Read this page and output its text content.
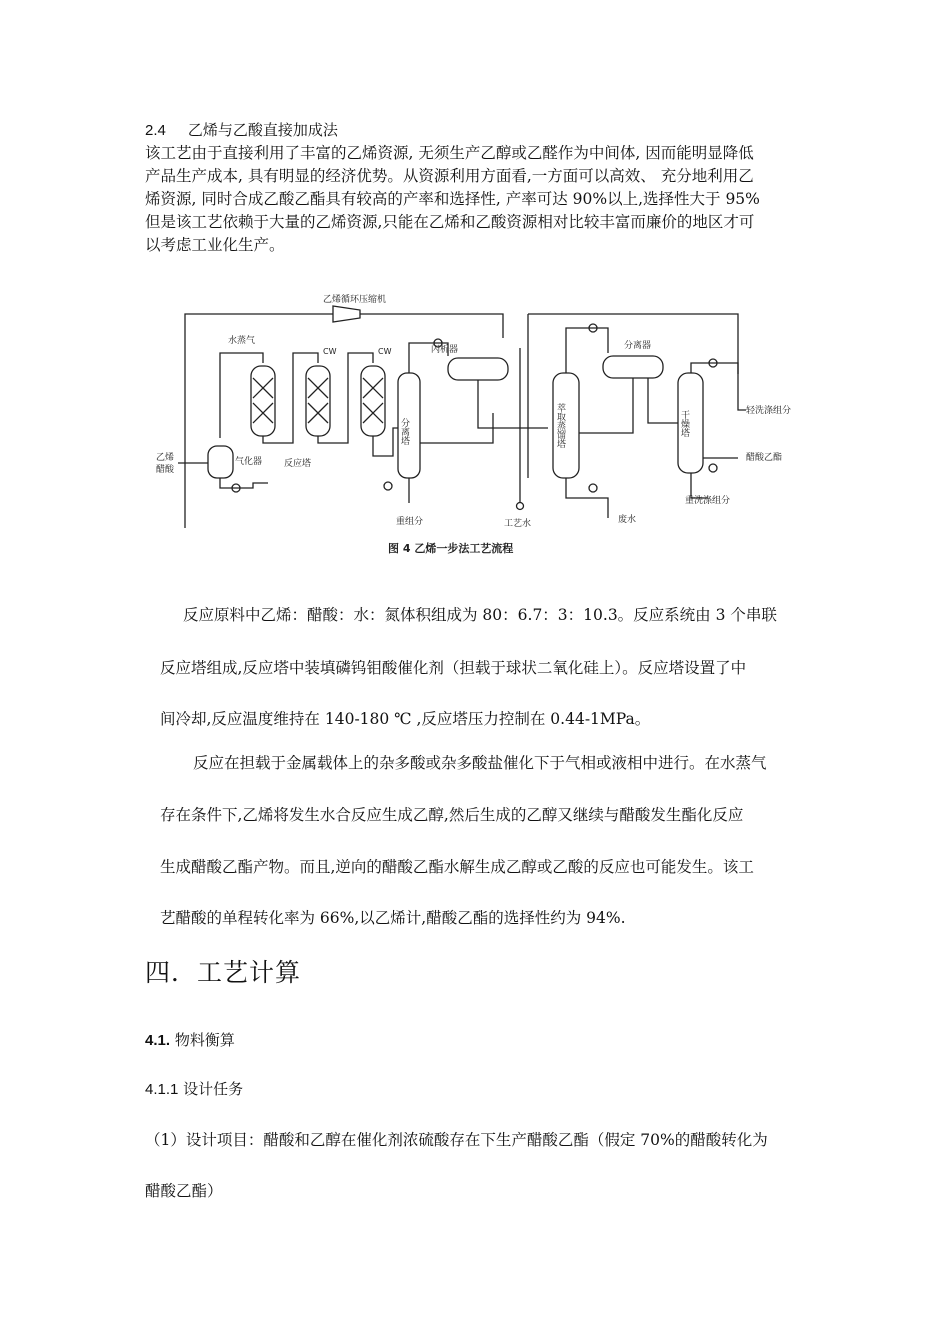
2.4 乙烯与乙酸直接加成法
该工艺由于直接利用了丰富的乙烯资源, 无须生产乙醇或乙醛作为中间体, 因而能明显降低
产品生产成本, 具有明显的经济优势。从资源利用方面看,一方面可以高效、 充分地利用乙
烯资源, 同时合成乙酸乙酯具有较高的产率和选择性, 产率可达 90%以上,选择性大于 95%
但是该工艺依赖于大量的乙烯资源,只能在乙烯和乙酸资源相对比较丰富而廉价的地区才可
以考虑工业化生产。
乙烯循环压缩机
水蒸气
CW	CW
反应塔
气化器
乙烯
醋酸
分离塔
重组分
闪析器
工艺水
萃取蒸馏塔
废水
分离器
干燥塔	轻洗涤组分
醋酸乙酯
重洗涤组分
图 4 乙烯一步法工艺流程
反应原料中乙烯：醋酸：水：氮体积组成为 80：6.7：3：10.3。反应系统由 3 个串联
反应塔组成,反应塔中装填磷钨钼酸催化剂（担载于球状二氧化硅上）。反应塔设置了中
间冷却,反应温度维持在 140-180 ℃ ,反应塔压力控制在 0.44-1MPa。
反应在担载于金属载体上的杂多酸或杂多酸盐催化下于气相或液相中进行。在水蒸气
存在条件下,乙烯将发生水合反应生成乙醇,然后生成的乙醇又继续与醋酸发生酯化反应
生成醋酸乙酯产物。而且,逆向的醋酸乙酯水解生成乙醇或乙酸的反应也可能发生。该工
艺醋酸的单程转化率为 66%,以乙烯计,醋酸乙酯的选择性约为 94%.
四．工艺计算
4.1. 物料衡算
4.1.1 设计任务
（1）设计项目：醋酸和乙醇在催化剂浓硫酸存在下生产醋酸乙酯（假定 70%的醋酸转化为
醋酸乙酯）
